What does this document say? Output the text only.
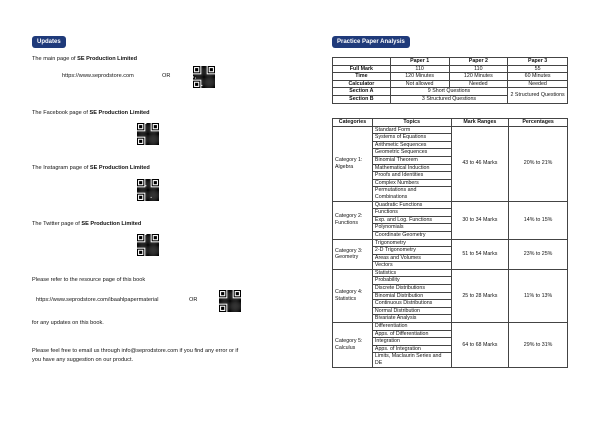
Updates
The main page of SE Production Limited
https://www.seprodstore.com	OR
The Facebook page of SE Production Limited
The Instagram page of SE Production Limited
The Twitter page of SE Production Limited
Please refer to the resource page of this book
https://www.seprodstore.com/ibaahlpapermaterial	OR
for any updates on this book.
Please feel free to email us through info@seprodstore.com if you find any error or if
you have any suggestion on our product.
Practice Paper Analysis
	Paper 1	Paper 2	Paper 3
Full Mark	110	110	55
Time	120 Minutes	120 Minutes	60 Minutes
Calculator	Not allowed	Needed	Needed
Section A	9 Short Questions		2 Structured Questions
Section B	3 Structured Questions		
Categories	Topics	Mark Ranges	Percentages
Category 1: Algebra	Standard Form	43 to 46 Marks	20% to 21%
	Systems of Equations		
	Arithmetic Sequences		
	Geometric Sequences		
	Binomial Theorem		
	Mathematical Induction		
	Proofs and Identities		
	Complex Numbers		
	Permutations and Combinations		
Category 2: Functions	Quadratic Functions	30 to 34 Marks	14% to 15%
	Functions		
	Exp. and Log. Functions		
	Polynomials		
	Coordinate Geometry		
Category 3: Geometry	Trigonometry	51 to 54 Marks	23% to 25%
	2-D Trigonometry		
	Areas and Volumes		
	Vectors		
Category 4: Statistics	Statistics	25 to 28 Marks	11% to 13%
	Probability		
	Discrete Distributions		
	Binomial Distribution		
	Continuous Distributions		
	Normal Distribution		
	Bivariate Analysis		
Category 5: Calculus	Differentiation	64 to 68 Marks	29% to 31%
	Apps. of Differentiation		
	Integration		
	Apps. of Integration		
	Limits, Maclaurin Series and DE		
